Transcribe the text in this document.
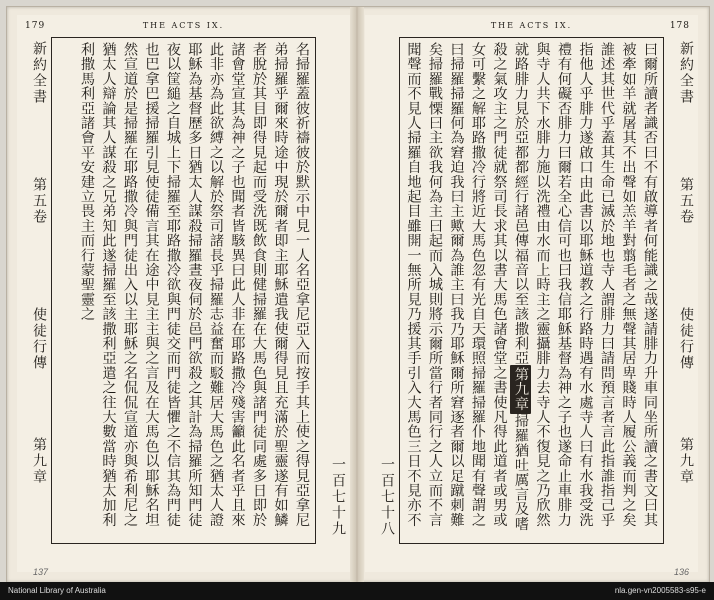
179	THE ACTS IX.
新約全書
第五卷
使徒行傳
第九章	名掃羅蓋彼祈禱彼於默示中見一人名亞拿尼亞入而按手其上使之得見亞拿尼弟掃羅乎爾來時途中現於爾者即主耶穌遣我使爾得見且充滿於聖靈遂有如鱗者脫於其目即得見起而受洗既飲食則健掃羅在大馬色與諸門徒同處多日即於諸會堂宣其為神之子也聞者皆駭異曰此人非在耶路撒冷殘害籲此名者乎且來此非亦為此欲縛之以解於祭司諸長乎掃羅志益奮而駁難居大馬色之猶太人證耶穌為基督歷多日猶太人謀殺掃羅晝夜伺於邑門欲殺之其計為掃羅所知門徒夜以筐縋之自城上下掃羅至耶路撒冷欲與門徒交而門徒皆懼之不信其為門徒也巴拿巴援掃羅引見使徒備言其在途中見主主與之言及在大馬色以耶穌名坦然宣道於是掃羅在耶路撒冷與門徒出入以主耶穌之名侃侃宣道亦與希利尼之猶太人辯論其人謀殺之兄弟知此遂掃羅至該撒利亞遣之往大數當時猶太加利利撒馬利亞諸會平安建立畏主而行蒙聖靈之
一百七十九
THE ACTS IX.	178
一百七十八	曰爾所讀者識否曰不有啟導者何能識之哉遂請腓力升車同坐所讀之書文曰其被牽如羊就屠其不出聲如羔羊對翦毛者之無聲其居卑賤時人履公義而判之矣誰述其世代乎蓋其生命已滅於地也寺人謂腓力曰請問預言者言此指誰指己乎指他人乎腓力遂啟口由此書以耶穌道教之行路時遇有水處寺人曰有水我受洗禮有何礙否腓力曰爾若全心信可也曰我信耶穌基督為神之子也遂命止車腓力與寺人共下水腓力施以洗禮由水而上時主之靈攝腓力去寺人不復見之乃欣然就路腓力見於亞都都經行諸邑傳福音以至該撒利亞第九章掃羅猶吐厲言及嗜殺之氣攻主之門徒就祭司長求其以書大馬色諸會堂之書使凡得此道者或男或女可繫之解耶路撒冷行將近大馬色忽有光自天環照掃羅掃羅仆地聞有聲謂之曰掃羅掃羅何為窘迫我曰主歟爾為誰主曰我乃耶穌爾所窘逐者爾以足蹴刺難矣掃羅戰慄曰主欲我何為主曰起而入城則將示爾所當行者同行之人立而不言聞聲而不見人掃羅自地起目雖開一無所見乃援其手引入大馬色三日不見亦不
新約全書
第五卷
使徒行傳
第九章
137	136
National Library of Australia	nla.gen-vn2005583-s95-e
